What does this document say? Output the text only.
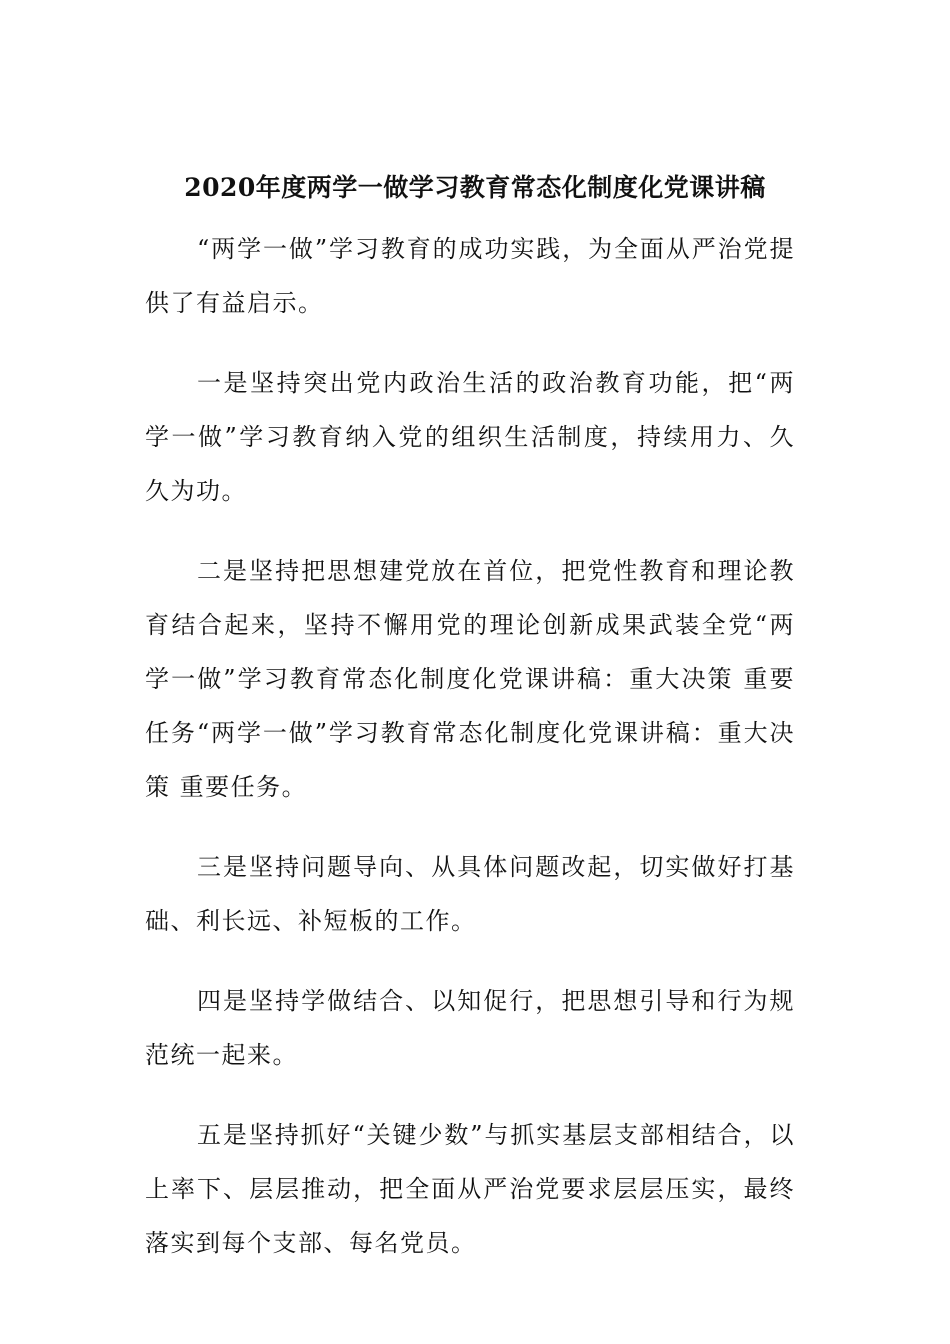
2020年度两学一做学习教育常态化制度化党课讲稿

“两学一做”学习教育的成功实践，为全面从严治党提供了有益启示。

一是坚持突出党内政治生活的政治教育功能，把“两学一做”学习教育纳入党的组织生活制度，持续用力、久久为功。

二是坚持把思想建党放在首位，把党性教育和理论教育结合起来，坚持不懈用党的理论创新成果武装全党“两学一做”学习教育常态化制度化党课讲稿：重大决策 重要任务“两学一做”学习教育常态化制度化党课讲稿：重大决策 重要任务。

三是坚持问题导向、从具体问题改起，切实做好打基础、利长远、补短板的工作。

四是坚持学做结合、以知促行，把思想引导和行为规范统一起来。

五是坚持抓好“关键少数”与抓实基层支部相结合，以上率下、层层推动，把全面从严治党要求层层压实，最终落实到每个支部、每名党员。
